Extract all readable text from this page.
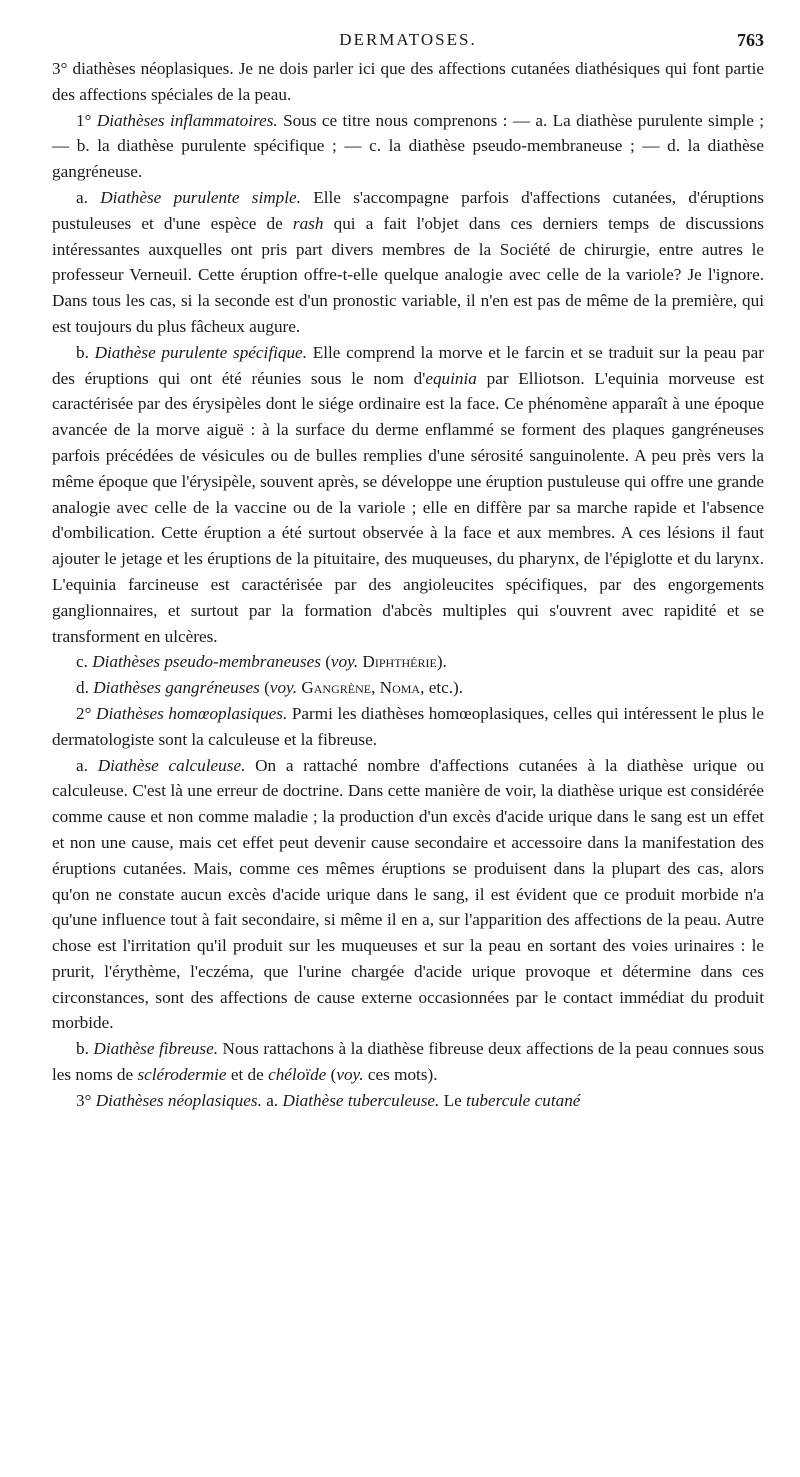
DERMATOSES.	763

3° diathèses néoplasiques. Je ne dois parler ici que des affections cutanées diathésiques qui font partie des affections spéciales de la peau.

1° Diathèses inflammatoires. Sous ce titre nous comprenons : — a. La diathèse purulente simple ; — b. la diathèse purulente spécifique ; — c. la diathèse pseudo-membraneuse ; — d. la diathèse gangréneuse.

a. Diathèse purulente simple. Elle s'accompagne parfois d'affections cutanées, d'éruptions pustuleuses et d'une espèce de rash qui a fait l'objet dans ces derniers temps de discussions intéressantes auxquelles ont pris part divers membres de la Société de chirurgie, entre autres le professeur Verneuil. Cette éruption offre-t-elle quelque analogie avec celle de la variole? Je l'ignore. Dans tous les cas, si la seconde est d'un pronostic variable, il n'en est pas de même de la première, qui est toujours du plus fâcheux augure.

b. Diathèse purulente spécifique. Elle comprend la morve et le farcin et se traduit sur la peau par des éruptions qui ont été réunies sous le nom d'equinia par Elliotson. L'equinia morveuse est caractérisée par des érysipèles dont le siége ordinaire est la face. Ce phénomène apparaît à une époque avancée de la morve aiguë : à la surface du derme enflammé se forment des plaques gangréneuses parfois précédées de vésicules ou de bulles remplies d'une sérosité sanguinolente. A peu près vers la même époque que l'érysipèle, souvent après, se développe une éruption pustuleuse qui offre une grande analogie avec celle de la vaccine ou de la variole ; elle en diffère par sa marche rapide et l'absence d'ombilication. Cette éruption a été surtout observée à la face et aux membres. A ces lésions il faut ajouter le jetage et les éruptions de la pituitaire, des muqueuses, du pharynx, de l'épiglotte et du larynx. L'equinia farcineuse est caractérisée par des angioleucites spécifiques, par des engorgements ganglionnaires, et surtout par la formation d'abcès multiples qui s'ouvrent avec rapidité et se transforment en ulcères.

c. Diathèses pseudo-membraneuses (voy. Diphthérie).

d. Diathèses gangréneuses (voy. Gangrène, Noma, etc.).

2° Diathèses homœoplasiques. Parmi les diathèses homœoplasiques, celles qui intéressent le plus le dermatologiste sont la calculeuse et la fibreuse.

a. Diathèse calculeuse. On a rattaché nombre d'affections cutanées à la diathèse urique ou calculeuse. C'est là une erreur de doctrine. Dans cette manière de voir, la diathèse urique est considérée comme cause et non comme maladie ; la production d'un excès d'acide urique dans le sang est un effet et non une cause, mais cet effet peut devenir cause secondaire et accessoire dans la manifestation des éruptions cutanées. Mais, comme ces mêmes éruptions se produisent dans la plupart des cas, alors qu'on ne constate aucun excès d'acide urique dans le sang, il est évident que ce produit morbide n'a qu'une influence tout à fait secondaire, si même il en a, sur l'apparition des affections de la peau. Autre chose est l'irritation qu'il produit sur les muqueuses et sur la peau en sortant des voies urinaires : le prurit, l'érythème, l'eczéma, que l'urine chargée d'acide urique provoque et détermine dans ces circonstances, sont des affections de cause externe occasionnées par le contact immédiat du produit morbide.

b. Diathèse fibreuse. Nous rattachons à la diathèse fibreuse deux affections de la peau connues sous les noms de sclérodermie et de chéloïde (voy. ces mots).

3° Diathèses néoplasiques. a. Diathèse tuberculeuse. Le tubercule cutané
